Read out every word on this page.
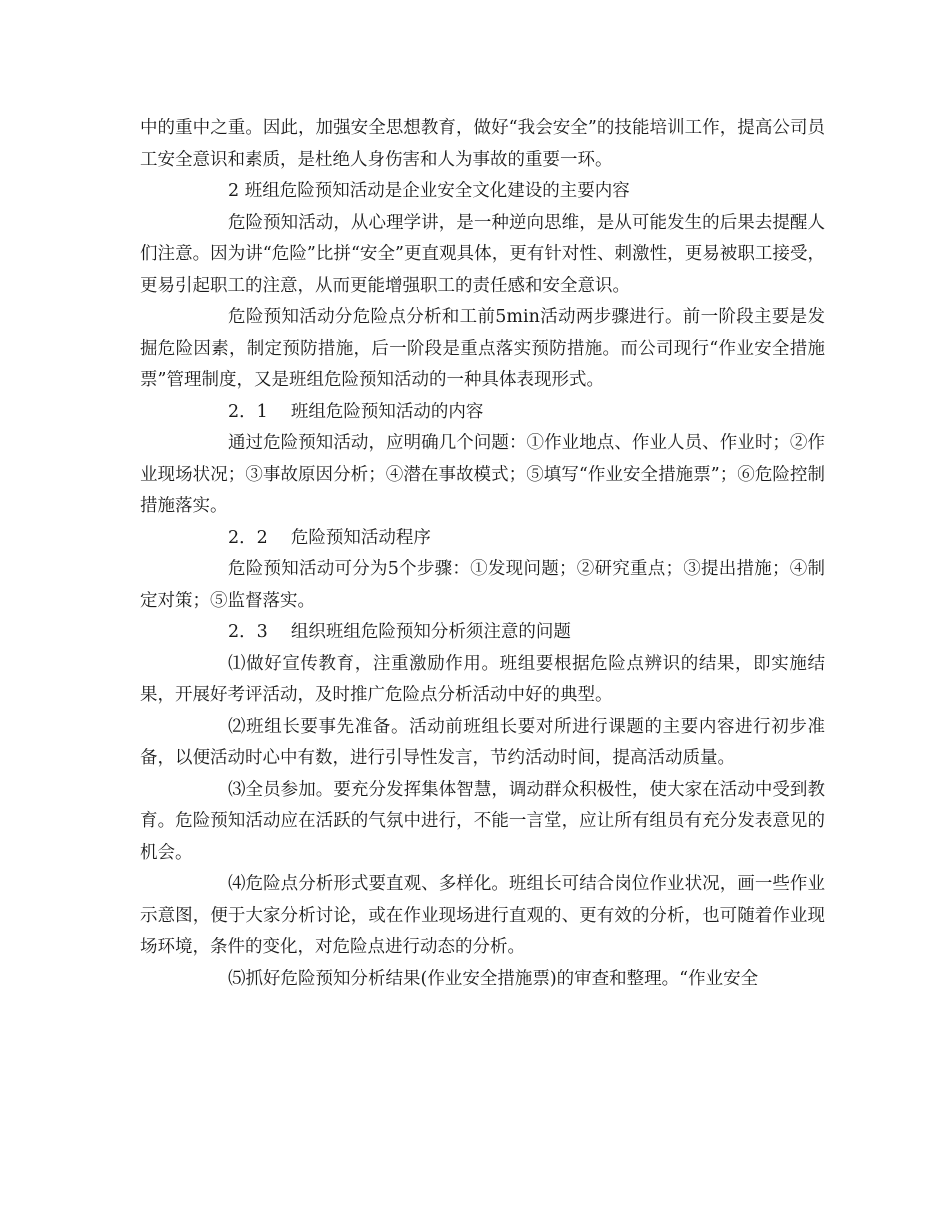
中的重中之重。因此，加强安全思想教育，做好“我会安全”的技能培训工作，提高公司员工安全意识和素质，是杜绝人身伤害和人为事故的重要一环。

2 班组危险预知活动是企业安全文化建设的主要内容

危险预知活动，从心理学讲，是一种逆向思维，是从可能发生的后果去提醒人们注意。因为讲“危险”比拼“安全”更直观具体，更有针对性、刺激性，更易被职工接受，更易引起职工的注意，从而更能增强职工的责任感和安全意识。

危险预知活动分危险点分析和工前5min活动两步骤进行。前一阶段主要是发掘危险因素，制定预防措施，后一阶段是重点落实预防措施。而公司现行“作业安全措施票”管理制度，又是班组危险预知活动的一种具体表现形式。

2．1　 班组危险预知活动的内容

通过危险预知活动，应明确几个问题：①作业地点、作业人员、作业时；②作业现场状况；③事故原因分析；④潜在事故模式；⑤填写“作业安全措施票”；⑥危险控制措施落实。

2．2　 危险预知活动程序

危险预知活动可分为5个步骤：①发现问题；②研究重点；③提出措施；④制定对策；⑤监督落实。

2．3　 组织班组危险预知分析须注意的问题

⑴做好宣传教育，注重激励作用。班组要根据危险点辨识的结果，即实施结果，开展好考评活动，及时推广危险点分析活动中好的典型。

⑵班组长要事先准备。活动前班组长要对所进行课题的主要内容进行初步准备，以便活动时心中有数，进行引导性发言，节约活动时间，提高活动质量。

⑶全员参加。要充分发挥集体智慧，调动群众积极性，使大家在活动中受到教育。危险预知活动应在活跃的气氛中进行，不能一言堂，应让所有组员有充分发表意见的机会。

⑷危险点分析形式要直观、多样化。班组长可结合岗位作业状况，画一些作业示意图，便于大家分析讨论，或在作业现场进行直观的、更有效的分析，也可随着作业现场环境，条件的变化，对危险点进行动态的分析。

⑸抓好危险预知分析结果(作业安全措施票)的审查和整理。“作业安全
